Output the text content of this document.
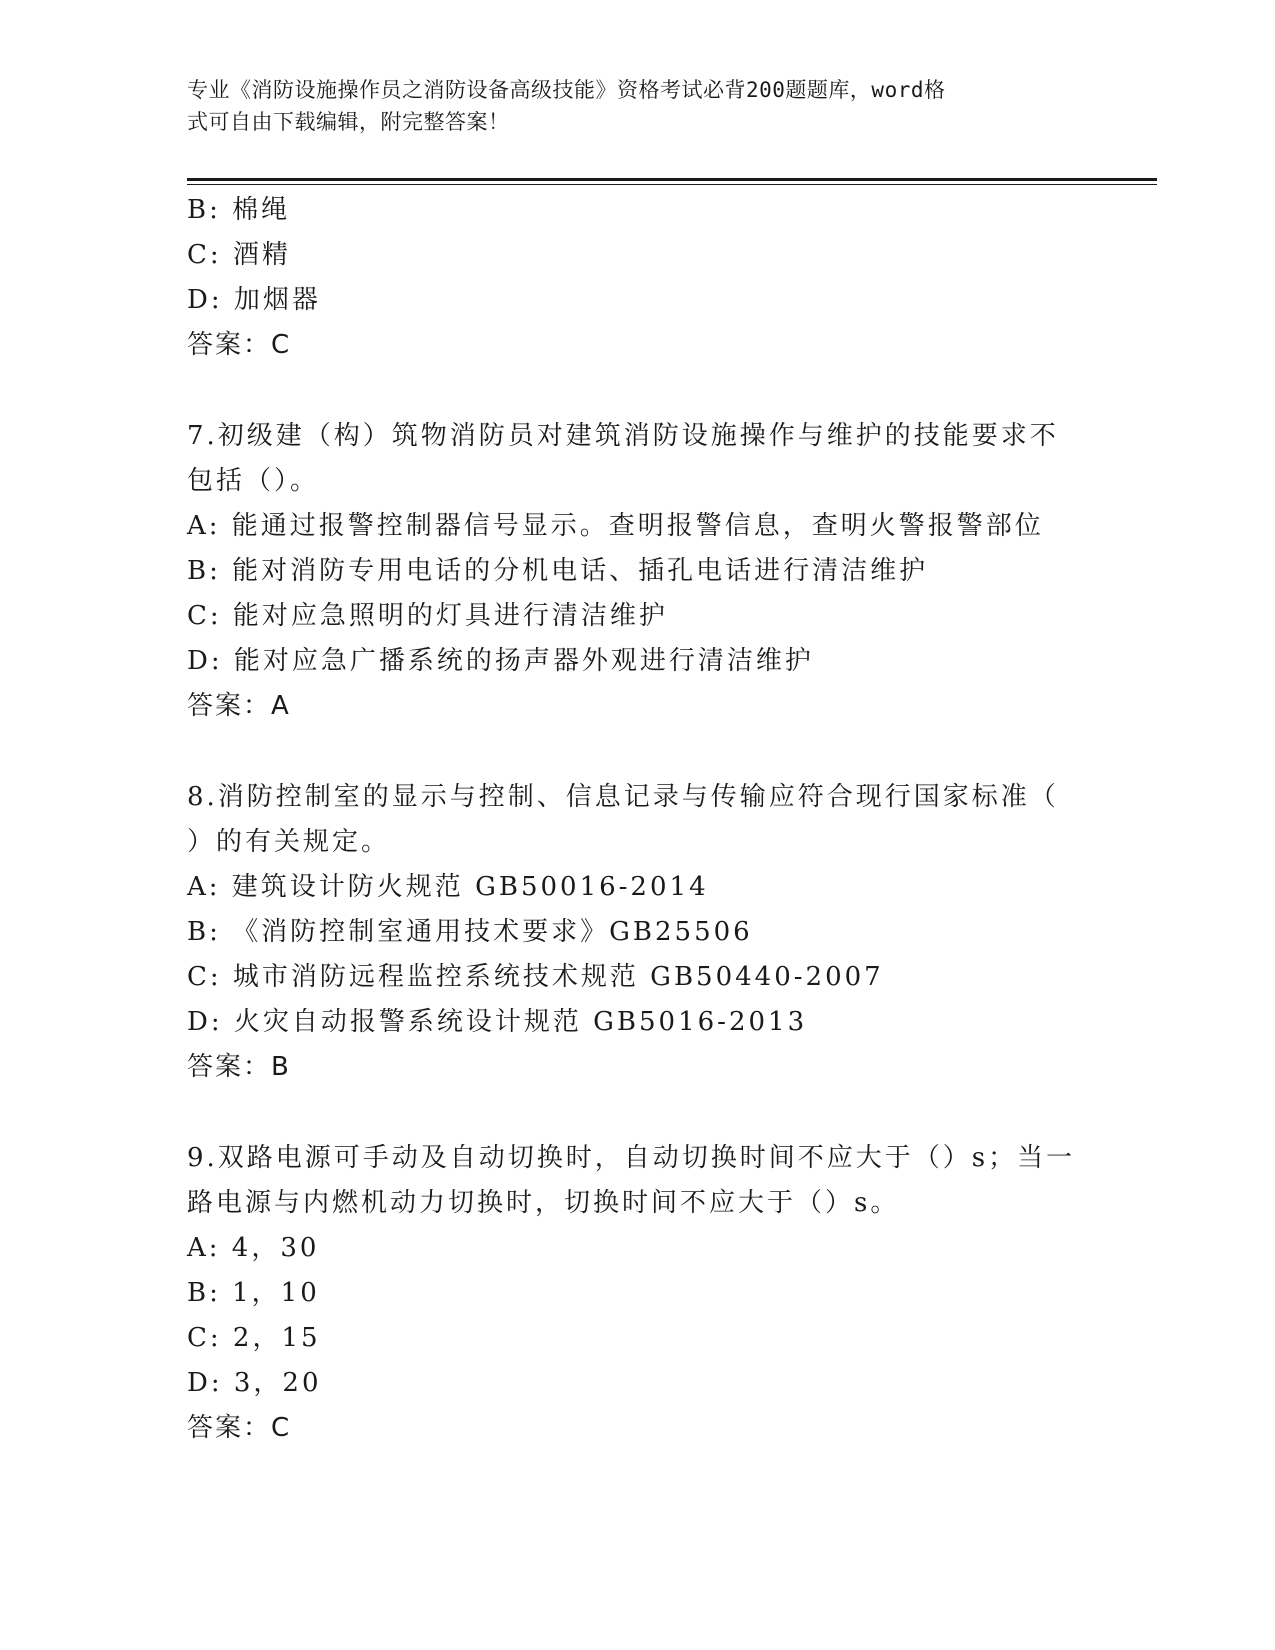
专业《消防设施操作员之消防设备高级技能》资格考试必背200题题库，word格
式可自由下载编辑，附完整答案！
B: 棉绳
C: 酒精
D: 加烟器
答案：C
7.初级建（构）筑物消防员对建筑消防设施操作与维护的技能要求不
包括（）。
A: 能通过报警控制器信号显示。查明报警信息，查明火警报警部位
B: 能对消防专用电话的分机电话、插孔电话进行清洁维护
C: 能对应急照明的灯具进行清洁维护
D: 能对应急广播系统的扬声器外观进行清洁维护
答案：A
8.消防控制室的显示与控制、信息记录与传输应符合现行国家标准（
）的有关规定。
A: 建筑设计防火规范 GB50016-2014
B: 《消防控制室通用技术要求》GB25506
C: 城市消防远程监控系统技术规范 GB50440-2007
D: 火灾自动报警系统设计规范 GB5016-2013
答案：B
9.双路电源可手动及自动切换时，自动切换时间不应大于（）s；当一
路电源与内燃机动力切换时，切换时间不应大于（）s。
A: 4，30
B: 1，10
C: 2，15
D: 3，20
答案：C
